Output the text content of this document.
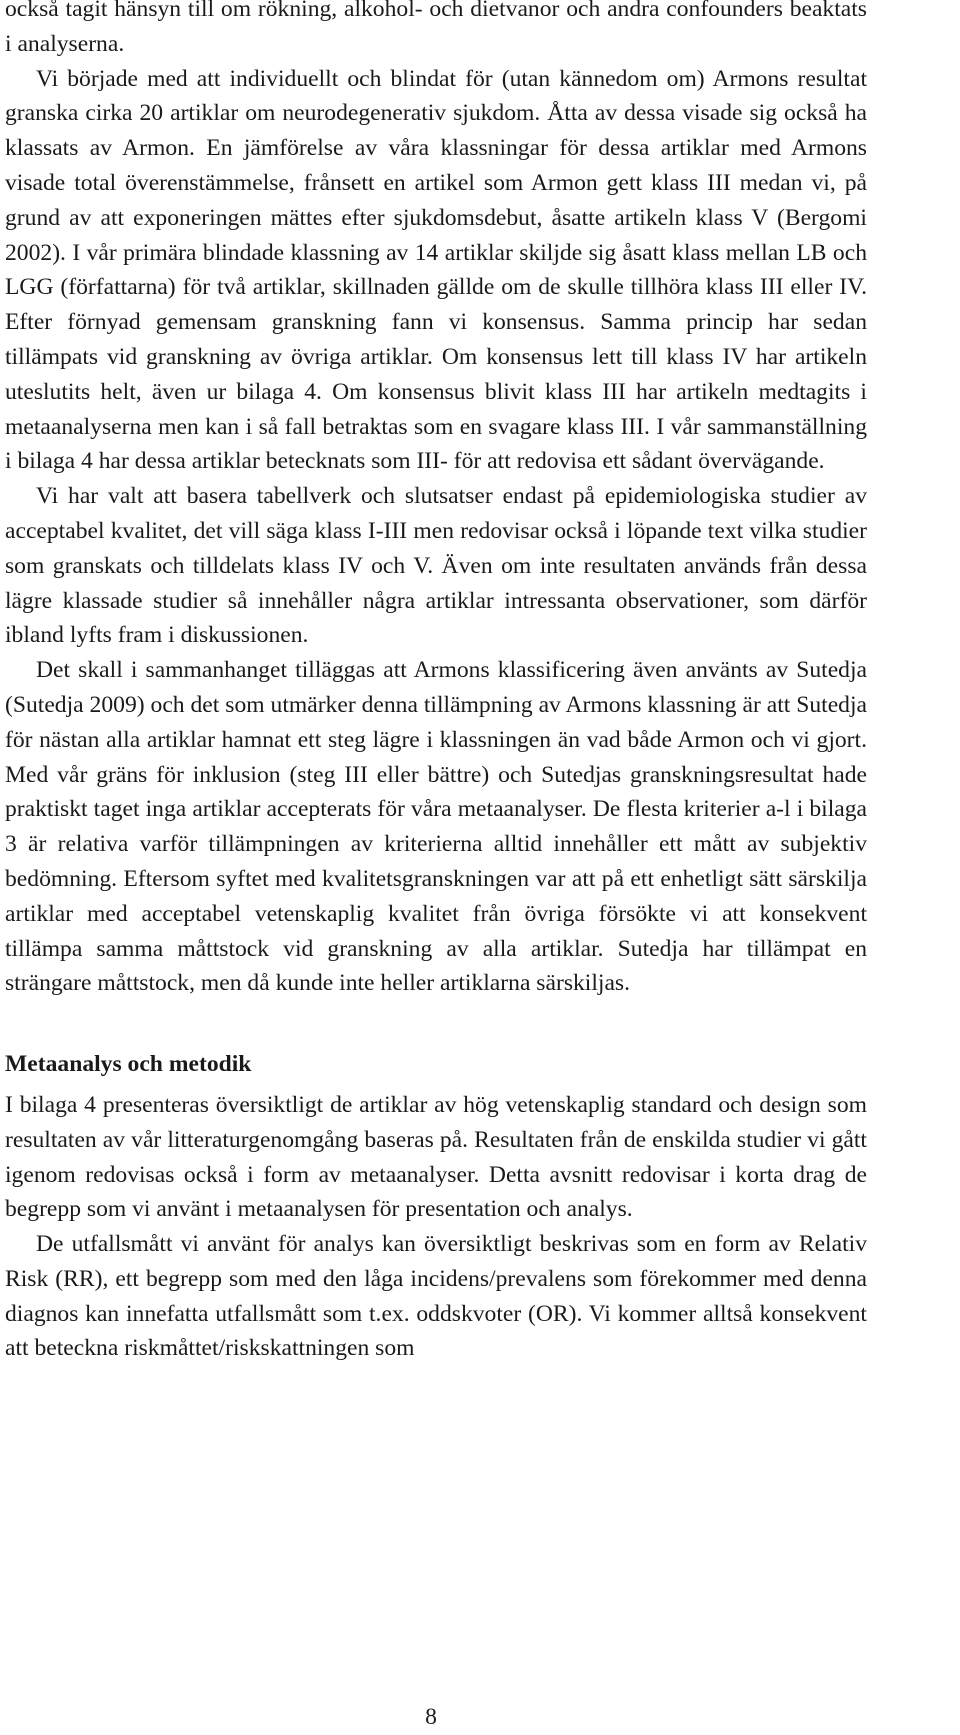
också tagit hänsyn till om rökning, alkohol- och dietvanor och andra confounders beaktats i analyserna.

Vi började med att individuellt och blindat för (utan kännedom om) Armons resultat granska cirka 20 artiklar om neurodegenerativ sjukdom. Åtta av dessa visade sig också ha klassats av Armon. En jämförelse av våra klassningar för dessa artiklar med Armons visade total överenstämmelse, frånsett en artikel som Armon gett klass III medan vi, på grund av att exponeringen mättes efter sjukdomsdebut, åsatte artikeln klass V (Bergomi 2002). I vår primära blindade klassning av 14 artiklar skiljde sig åsatt klass mellan LB och LGG (författarna) för två artiklar, skillnaden gällde om de skulle tillhöra klass III eller IV. Efter förnyad gemensam granskning fann vi konsensus. Samma princip har sedan tillämpats vid granskning av övriga artiklar. Om konsensus lett till klass IV har artikeln uteslutits helt, även ur bilaga 4. Om konsensus blivit klass III har artikeln medtagits i metaanalyserna men kan i så fall betraktas som en svagare klass III. I vår sammanställning i bilaga 4 har dessa artiklar betecknats som III- för att redovisa ett sådant övervägande.

Vi har valt att basera tabellverk och slutsatser endast på epidemiologiska studier av acceptabel kvalitet, det vill säga klass I-III men redovisar också i löpande text vilka studier som granskats och tilldelats klass IV och V. Även om inte resultaten används från dessa lägre klassade studier så innehåller några artiklar intressanta observationer, som därför ibland lyfts fram i diskussionen.

Det skall i sammanhanget tilläggas att Armons klassificering även använts av Sutedja (Sutedja 2009) och det som utmärker denna tillämpning av Armons klassning är att Sutedja för nästan alla artiklar hamnat ett steg lägre i klassningen än vad både Armon och vi gjort. Med vår gräns för inklusion (steg III eller bättre) och Sutedjas granskningsresultat hade praktiskt taget inga artiklar accepterats för våra metaanalyser. De flesta kriterier a-l i bilaga 3 är relativa varför tillämpningen av kriterierna alltid innehåller ett mått av subjektiv bedömning. Eftersom syftet med kvalitetsgranskningen var att på ett enhetligt sätt särskilja artiklar med acceptabel vetenskaplig kvalitet från övriga försökte vi att konsekvent tillämpa samma måttstock vid granskning av alla artiklar. Sutedja har tillämpat en strängare måttstock, men då kunde inte heller artiklarna särskiljas.

Metaanalys och metodik

I bilaga 4 presenteras översiktligt de artiklar av hög vetenskaplig standard och design som resultaten av vår litteraturgenomgång baseras på. Resultaten från de enskilda studier vi gått igenom redovisas också i form av metaanalyser. Detta avsnitt redovisar i korta drag de begrepp som vi använt i metaanalysen för presentation och analys.

De utfallsmått vi använt för analys kan översiktligt beskrivas som en form av Relativ Risk (RR), ett begrepp som med den låga incidens/prevalens som förekommer med denna diagnos kan innefatta utfallsmått som t.ex. oddskvoter (OR). Vi kommer alltså konsekvent att beteckna riskmåttet/riskskattningen som

8
